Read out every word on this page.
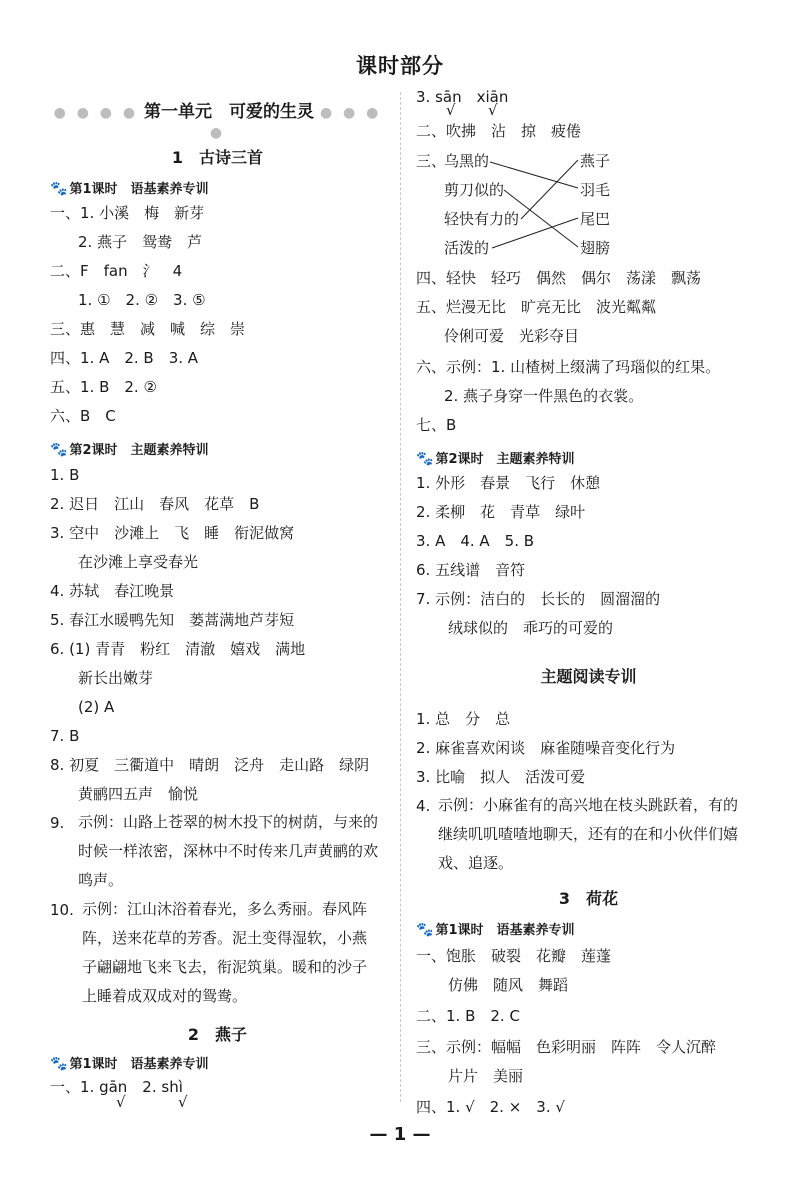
课时部分
● ● ● ● 第一单元　可爱的生灵 ● ● ● ●
1　古诗三首
🐾 第1课时　语基素养专训
一、1. 小溪　梅　新芽
2. 燕子　鸳鸯　芦
二、F　fan　氵　4
1. ①　2. ②　3. ⑤
三、惠　慧　减　喊　综　崇
四、1. A　2. B　3. A
五、1. B　2. ②
六、B　C
🐾 第2课时　主题素养特训
1. B
2. 迟日　江山　春风　花草　B
3. 空中　沙滩上　飞　睡　衔泥做窝
在沙滩上享受春光
4. 苏轼　春江晚景
5. 春江水暖鸭先知　蒌蒿满地芦芽短
6. (1) 青青　粉红　清澈　嬉戏　满地
新长出嫩芽
(2) A
7. B
8. 初夏　三衢道中　晴朗　泛舟　走山路　绿阴
黄鹂四五声　愉悦
9. 示例：山路上苍翠的树木投下的树荫，与来的
时候一样浓密，深林中不时传来几声黄鹂的欢
鸣声。
10. 示例：江山沐浴着春光，多么秀丽。春风阵
阵，送来花草的芳香。泥土变得湿软，小燕
子翩翩地飞来飞去，衔泥筑巢。暖和的沙子
上睡着成双成对的鸳鸯。
2　燕子
🐾 第1课时　语基素养专训
一、1. gān　2. shì
√	√
3. sān　xiān
√ √
二、吹拂　沾　掠　疲倦
三、
乌黑的
剪刀似的
轻快有力的
活泼的
燕子
羽毛
尾巴
翅膀
四、轻快　轻巧　偶然　偶尔　荡漾　飘荡
五、烂漫无比　旷亮无比　波光粼粼
伶俐可爱　光彩夺目
六、示例：1. 山楂树上缀满了玛瑙似的红果。
2. 燕子身穿一件黑色的衣裳。
七、B
🐾 第2课时　主题素养特训
1. 外形　春景　飞行　休憩
2. 柔柳　花　青草　绿叶
3. A　4. A　5. B
6. 五线谱　音符
7. 示例：洁白的　长长的　圆溜溜的
绒球似的　乖巧的可爱的
主题阅读专训
1. 总　分　总
2. 麻雀喜欢闲谈　麻雀随噪音变化行为
3. 比喻　拟人　活泼可爱
4. 示例：小麻雀有的高兴地在枝头跳跃着，有的
继续叽叽喳喳地聊天，还有的在和小伙伴们嬉
戏、追逐。
3　荷花
🐾 第1课时　语基素养专训
一、饱胀　破裂　花瓣　莲蓬
仿佛　随风　舞蹈
二、1. B　2. C
三、示例：幅幅　色彩明丽　阵阵　令人沉醉
片片　美丽
四、1. √　2. ×　3. √
— 1 —
